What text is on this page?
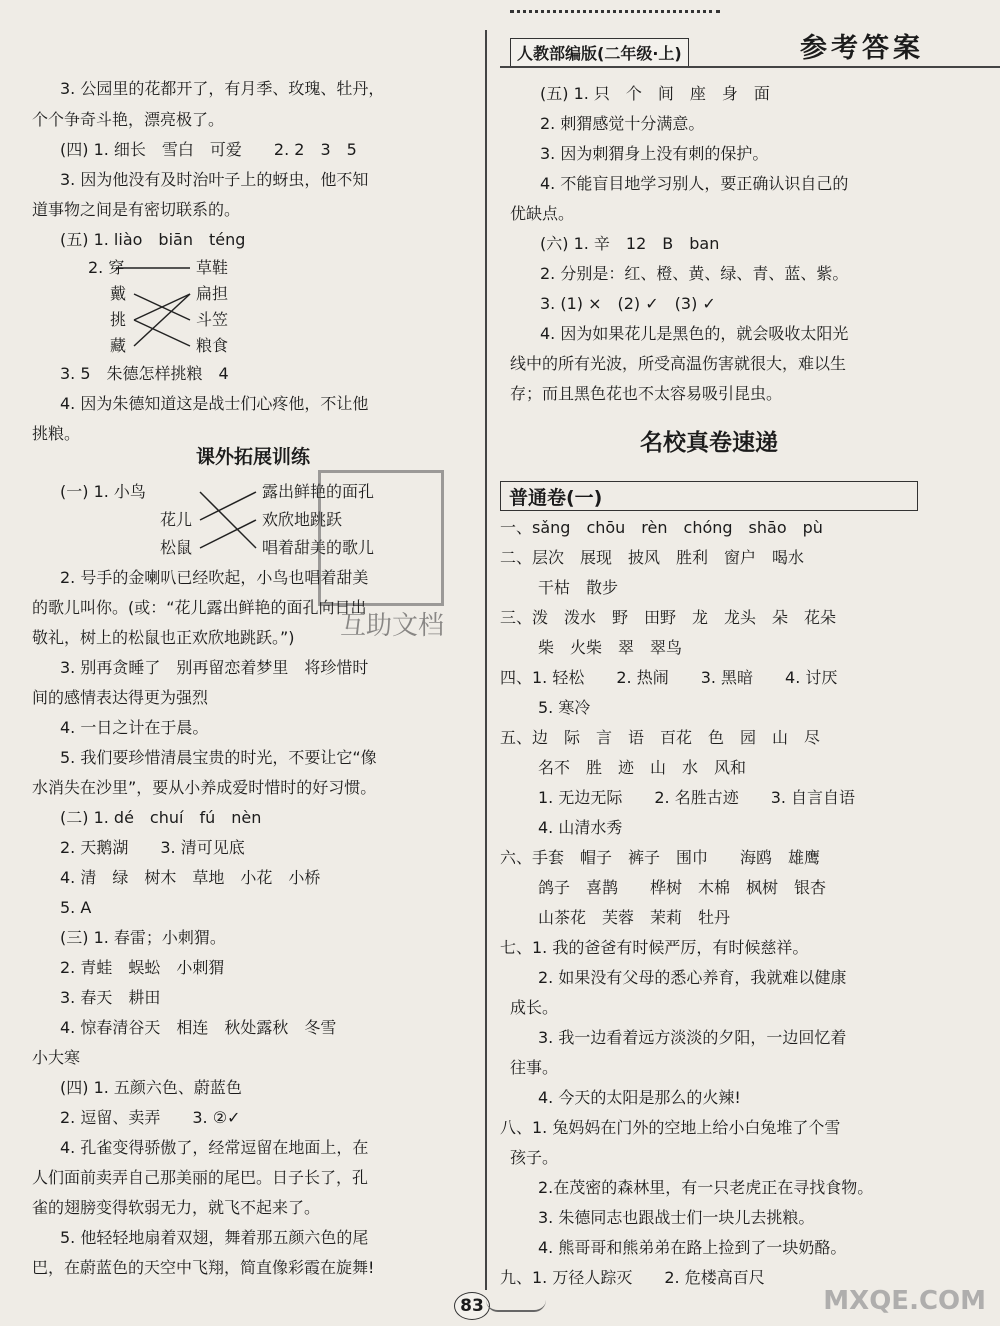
人教部编版(二年级·上)	参考答案
3. 公园里的花都开了，有月季、玫瑰、牡丹，
个个争奇斗艳，漂亮极了。
(四) 1. 细长　雪白　可爱　　2. 2　3　5
3. 因为他没有及时治叶子上的蚜虫，他不知
道事物之间是有密切联系的。
(五) 1. liào　biān　téng
2. 穿
戴
挑
藏
草鞋
扁担
斗笠
粮食
3. 5　朱德怎样挑粮　4
4. 因为朱德知道这是战士们心疼他，不让他
挑粮。
课外拓展训练
(一) 1. 小鸟
花儿
松鼠
露出鲜艳的面孔
欢欣地跳跃
唱着甜美的歌儿
互助文档
2. 号手的金喇叭已经吹起，小鸟也唱着甜美
的歌儿叫你。(或：“花儿露出鲜艳的面孔向日出
敬礼，树上的松鼠也正欢欣地跳跃。”)
3. 别再贪睡了　别再留恋着梦里　将珍惜时
间的感情表达得更为强烈
4. 一日之计在于晨。
5. 我们要珍惜清晨宝贵的时光，不要让它“像
水消失在沙里”，要从小养成爱时惜时的好习惯。
(二) 1. dé　chuí　fú　nèn
2. 天鹅湖　　3. 清可见底
4. 清　绿　树木　草地　小花　小桥
5. A
(三) 1. 春雷；小刺猬。
2. 青蛙　蜈蚣　小刺猬
3. 春天　耕田
4. 惊春清谷天　相连　秋处露秋　冬雪
小大寒
(四) 1. 五颜六色、蔚蓝色
2. 逗留、卖弄　　3. ②✓
4. 孔雀变得骄傲了，经常逗留在地面上，在
人们面前卖弄自己那美丽的尾巴。日子长了，孔
雀的翅膀变得软弱无力，就飞不起来了。
5. 他轻轻地扇着双翅，舞着那五颜六色的尾
巴，在蔚蓝色的天空中飞翔，简直像彩霞在旋舞!
(五) 1. 只　个　间　座　身　面
2. 刺猬感觉十分满意。
3. 因为刺猬身上没有刺的保护。
4. 不能盲目地学习别人，要正确认识自己的
优缺点。
(六) 1. 辛　12　B　ban
2. 分别是：红、橙、黄、绿、青、蓝、紫。
3. (1) ×　(2) ✓　(3) ✓
4. 因为如果花儿是黑色的，就会吸收太阳光
线中的所有光波，所受高温伤害就很大，难以生
存；而且黑色花也不太容易吸引昆虫。
名校真卷速递
普通卷(一)
一、sǎng　chōu　rèn　chóng　shāo　pù
二、层次　展现　披风　胜利　窗户　喝水
干枯　散步
三、泼　泼水　野　田野　龙　龙头　朵　花朵
柴　火柴　翠　翠鸟
四、1. 轻松　　2. 热闹　　3. 黑暗　　4. 讨厌
5. 寒冷
五、边　际　言　语　百花　色　园　山　尽
名不　胜　迹　山　水　风和
1. 无边无际　　2. 名胜古迹　　3. 自言自语
4. 山清水秀
六、手套　帽子　裤子　围巾　　海鸥　雄鹰
鸽子　喜鹊　　桦树　木棉　枫树　银杏
山茶花　芙蓉　茉莉　牡丹
七、1. 我的爸爸有时候严厉，有时候慈祥。
2. 如果没有父母的悉心养育，我就难以健康
成长。
3. 我一边看着远方淡淡的夕阳，一边回忆着
往事。
4. 今天的太阳是那么的火辣!
八、1. 兔妈妈在门外的空地上给小白兔堆了个雪
孩子。
2.在茂密的森林里，有一只老虎正在寻找食物。
3. 朱德同志也跟战士们一块儿去挑粮。
4. 熊哥哥和熊弟弟在路上捡到了一块奶酪。
九、1. 万径人踪灭　　2. 危楼高百尺
83	MXQE.COM
